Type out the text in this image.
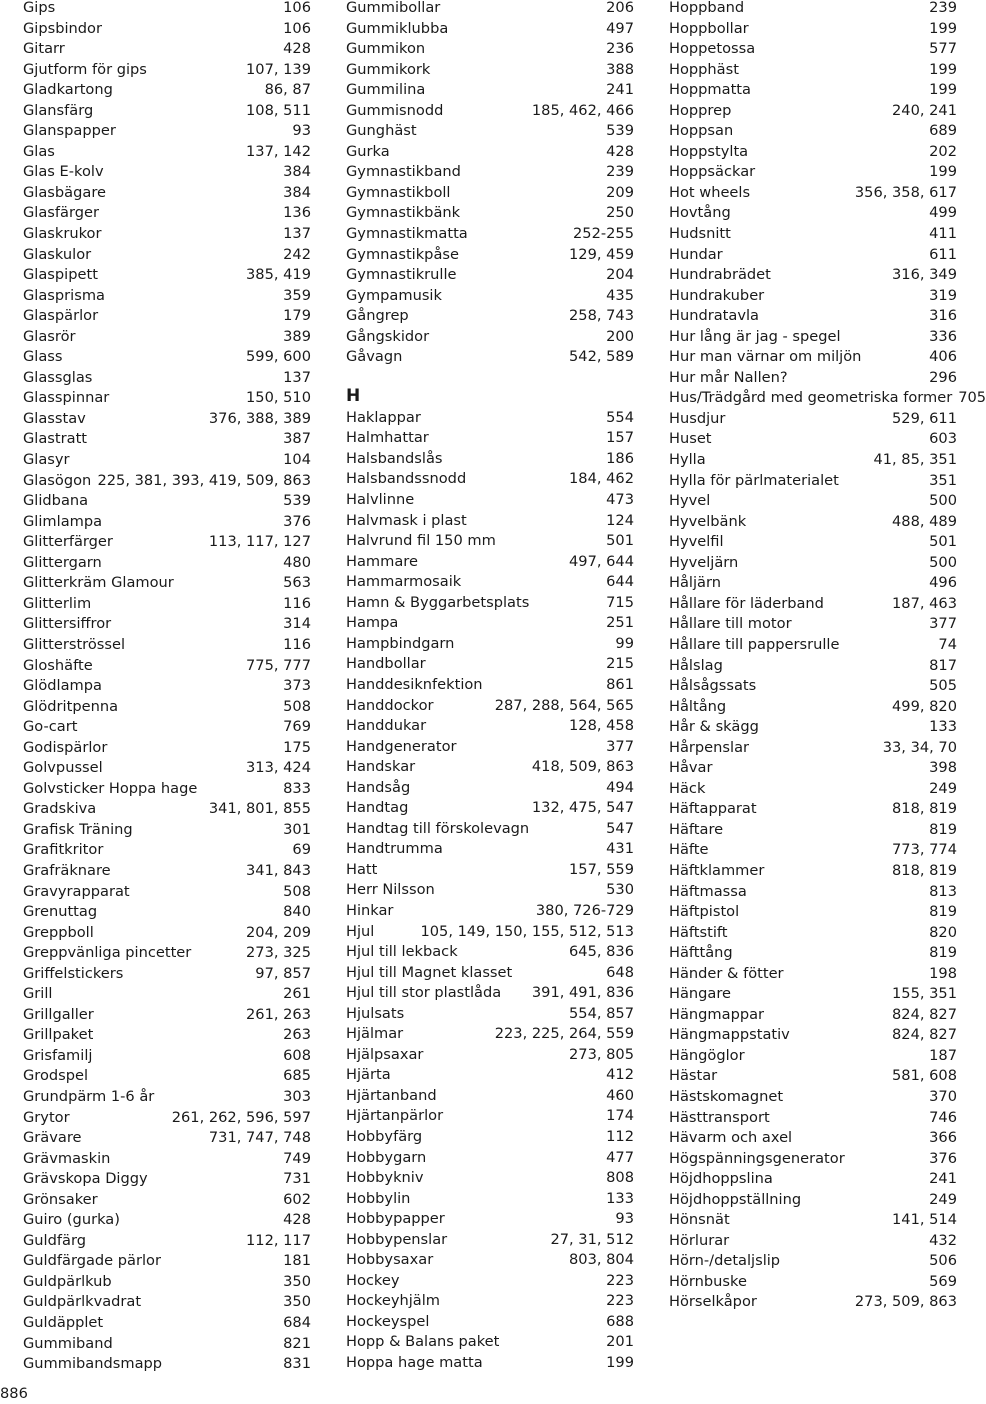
Gips	106
Gipsbindor	106
Gitarr	428
Gjutform för gips	107, 139
Gladkartong	86, 87
Glansfärg	108, 511
Glanspapper	93
Glas	137, 142
Glas E-kolv	384
Glasbägare	384
Glasfärger	136
Glaskrukor	137
Glaskulor	242
Glaspipett	385, 419
Glasprisma	359
Glaspärlor	179
Glasrör	389
Glass	599, 600
Glassglas	137
Glasspinnar	150, 510
Glasstav	376, 388, 389
Glastratt	387
Glasyr	104
Glasögon 225, 381, 393, 419, 509, 863
Glidbana	539
Glimlampa	376
Glitterfärger	113, 117, 127
Glittergarn	480
Glitterkräm Glamour	563
Glitterlim	116
Glittersiffror	314
Glitterströssel	116
Gloshäfte	775, 777
Glödlampa	373
Glödritpenna	508
Go-cart	769
Godispärlor	175
Golvpussel	313, 424
Golvsticker Hoppa hage	833
Gradskiva	341, 801, 855
Grafisk Träning	301
Grafitkritor	69
Grafräknare	341, 843
Gravyrapparat	508
Grenuttag	840
Greppboll	204, 209
Greppvänliga pincetter	273, 325
Griffelstickers	97, 857
Grill	261
Grillgaller	261, 263
Grillpaket	263
Grisfamilj	608
Grodspel	685
Grundpärm 1-6 år	303
Grytor	261, 262, 596, 597
Grävare	731, 747, 748
Grävmaskin	749
Grävskopa Diggy	731
Grönsaker	602
Guiro (gurka)	428
Guldfärg	112, 117
Guldfärgade pärlor	181
Guldpärlkub	350
Guldpärlkvadrat	350
Guldäpplet	684
Gummiband	821
Gummibandsmapp	831
Gummibollar	206
Gummiklubba	497
Gummikon	236
Gummikork	388
Gummilina	241
Gummisnodd	185, 462, 466
Gunghäst	539
Gurka	428
Gymnastikband	239
Gymnastikboll	209
Gymnastikbänk	250
Gymnastikmatta	252-255
Gymnastikpåse	129, 459
Gymnastikrulle	204
Gympamusik	435
Gångrep	258, 743
Gångskidor	200
Gåvagn	542, 589
H
Haklappar	554
Halmhattar	157
Halsbandslås	186
Halsbandssnodd	184, 462
Halvlinne	473
Halvmask i plast	124
Halvrund fil 150 mm	501
Hammare	497, 644
Hammarmosaik	644
Hamn & Byggarbetsplats	715
Hampa	251
Hampbindgarn	99
Handbollar	215
Handdesiknfektion	861
Handdockor	287, 288, 564, 565
Handdukar	128, 458
Handgenerator	377
Handskar	418, 509, 863
Handsåg	494
Handtag	132, 475, 547
Handtag till förskolevagn	547
Handtrumma	431
Hatt	157, 559
Herr Nilsson	530
Hinkar	380, 726-729
Hjul	105, 149, 150, 155, 512, 513
Hjul till lekback	645, 836
Hjul till Magnet klasset	648
Hjul till stor plastlåda	391, 491, 836
Hjulsats	554, 857
Hjälmar	223, 225, 264, 559
Hjälpsaxar	273, 805
Hjärta	412
Hjärtanband	460
Hjärtanpärlor	174
Hobbyfärg	112
Hobbygarn	477
Hobbykniv	808
Hobbylin	133
Hobbypapper	93
Hobbypenslar	27, 31, 512
Hobbysaxar	803, 804
Hockey	223
Hockeyhjälm	223
Hockeyspel	688
Hopp & Balans paket	201
Hoppa hage matta	199
Hoppband	239
Hoppbollar	199
Hoppetossa	577
Hopphäst	199
Hoppmatta	199
Hopprep	240, 241
Hoppsan	689
Hoppstylta	202
Hoppsäckar	199
Hot wheels	356, 358, 617
Hovtång	499
Hudsnitt	411
Hundar	611
Hundrabrädet	316, 349
Hundrakuber	319
Hundratavla	316
Hur lång är jag - spegel	336
Hur man värnar om miljön	406
Hur mår Nallen?	296
Hus/Trädgård med geometriska former 705
Husdjur	529, 611
Huset	603
Hylla	41, 85, 351
Hylla för pärlmaterialet	351
Hyvel	500
Hyvelbänk	488, 489
Hyvelfil	501
Hyveljärn	500
Håljärn	496
Hållare för läderband	187, 463
Hållare till motor	377
Hållare till pappersrulle	74
Hålslag	817
Hålsågssats	505
Håltång	499, 820
Hår & skägg	133
Hårpenslar	33, 34, 70
Håvar	398
Häck	249
Häftapparat	818, 819
Häftare	819
Häfte	773, 774
Häftklammer	818, 819
Häftmassa	813
Häftpistol	819
Häftstift	820
Häfttång	819
Händer & fötter	198
Hängare	155, 351
Hängmappar	824, 827
Hängmappstativ	824, 827
Hängöglor	187
Hästar	581, 608
Hästskomagnet	370
Hästtransport	746
Hävarm och axel	366
Högspänningsgenerator	376
Höjdhoppslina	241
Höjdhoppställning	249
Hönsnät	141, 514
Hörlurar	432
Hörn-/detaljslip	506
Hörnbuske	569
Hörselkåpor	273, 509, 863
886
